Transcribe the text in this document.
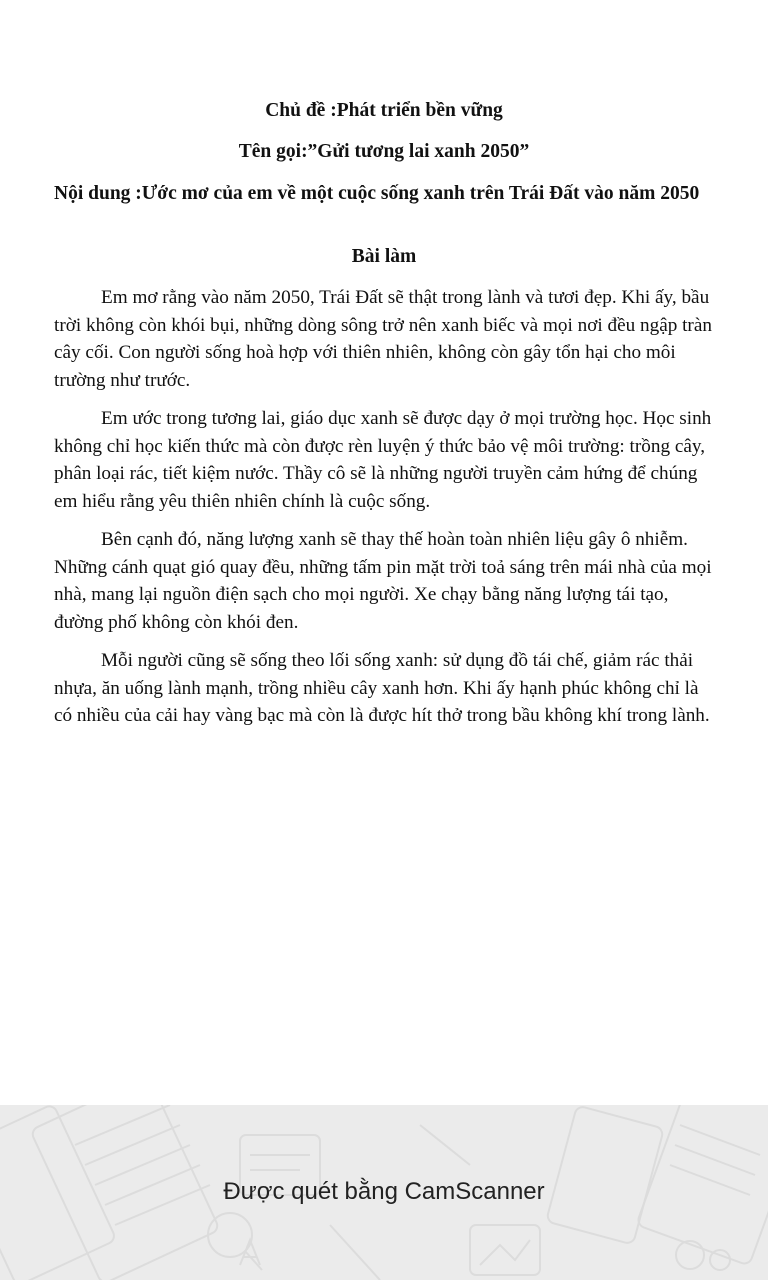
Chủ đề :Phát triển bền vững

Tên gọi:”Gửi tương lai xanh 2050”

Nội dung :Ước mơ của em về một cuộc sống xanh trên Trái Đất vào năm 2050

Bài làm

Em mơ rằng vào năm 2050, Trái Đất sẽ thật trong lành và tươi đẹp. Khi ấy, bầu trời không còn khói bụi, những dòng sông trở nên xanh biếc và mọi nơi đều ngập tràn cây cối. Con người sống hoà hợp với thiên nhiên, không còn gây tổn hại cho môi trường như trước.

Em ước trong tương lai, giáo dục xanh sẽ được dạy ở mọi trường học. Học sinh không chỉ học kiến thức mà còn được rèn luyện ý thức bảo vệ môi trường: trồng cây, phân loại rác, tiết kiệm nước. Thầy cô sẽ là những người truyền cảm hứng để chúng em hiểu rằng yêu thiên nhiên chính là cuộc sống.

Bên cạnh đó, năng lượng xanh sẽ thay thế hoàn toàn nhiên liệu gây ô nhiễm. Những cánh quạt gió quay đều, những tấm pin mặt trời toả sáng trên mái nhà của mọi nhà, mang lại nguồn điện sạch cho mọi người. Xe chạy bằng năng lượng tái tạo, đường phố không còn khói đen.

Mỗi người cũng sẽ sống theo lối sống xanh: sử dụng đồ tái chế, giảm rác thải nhựa, ăn uống lành mạnh, trồng nhiều cây xanh hơn. Khi ấy hạnh phúc không chỉ là có nhiều của cải hay vàng bạc mà còn là được hít thở trong bầu không khí trong lành.

Được quét bằng CamScanner
